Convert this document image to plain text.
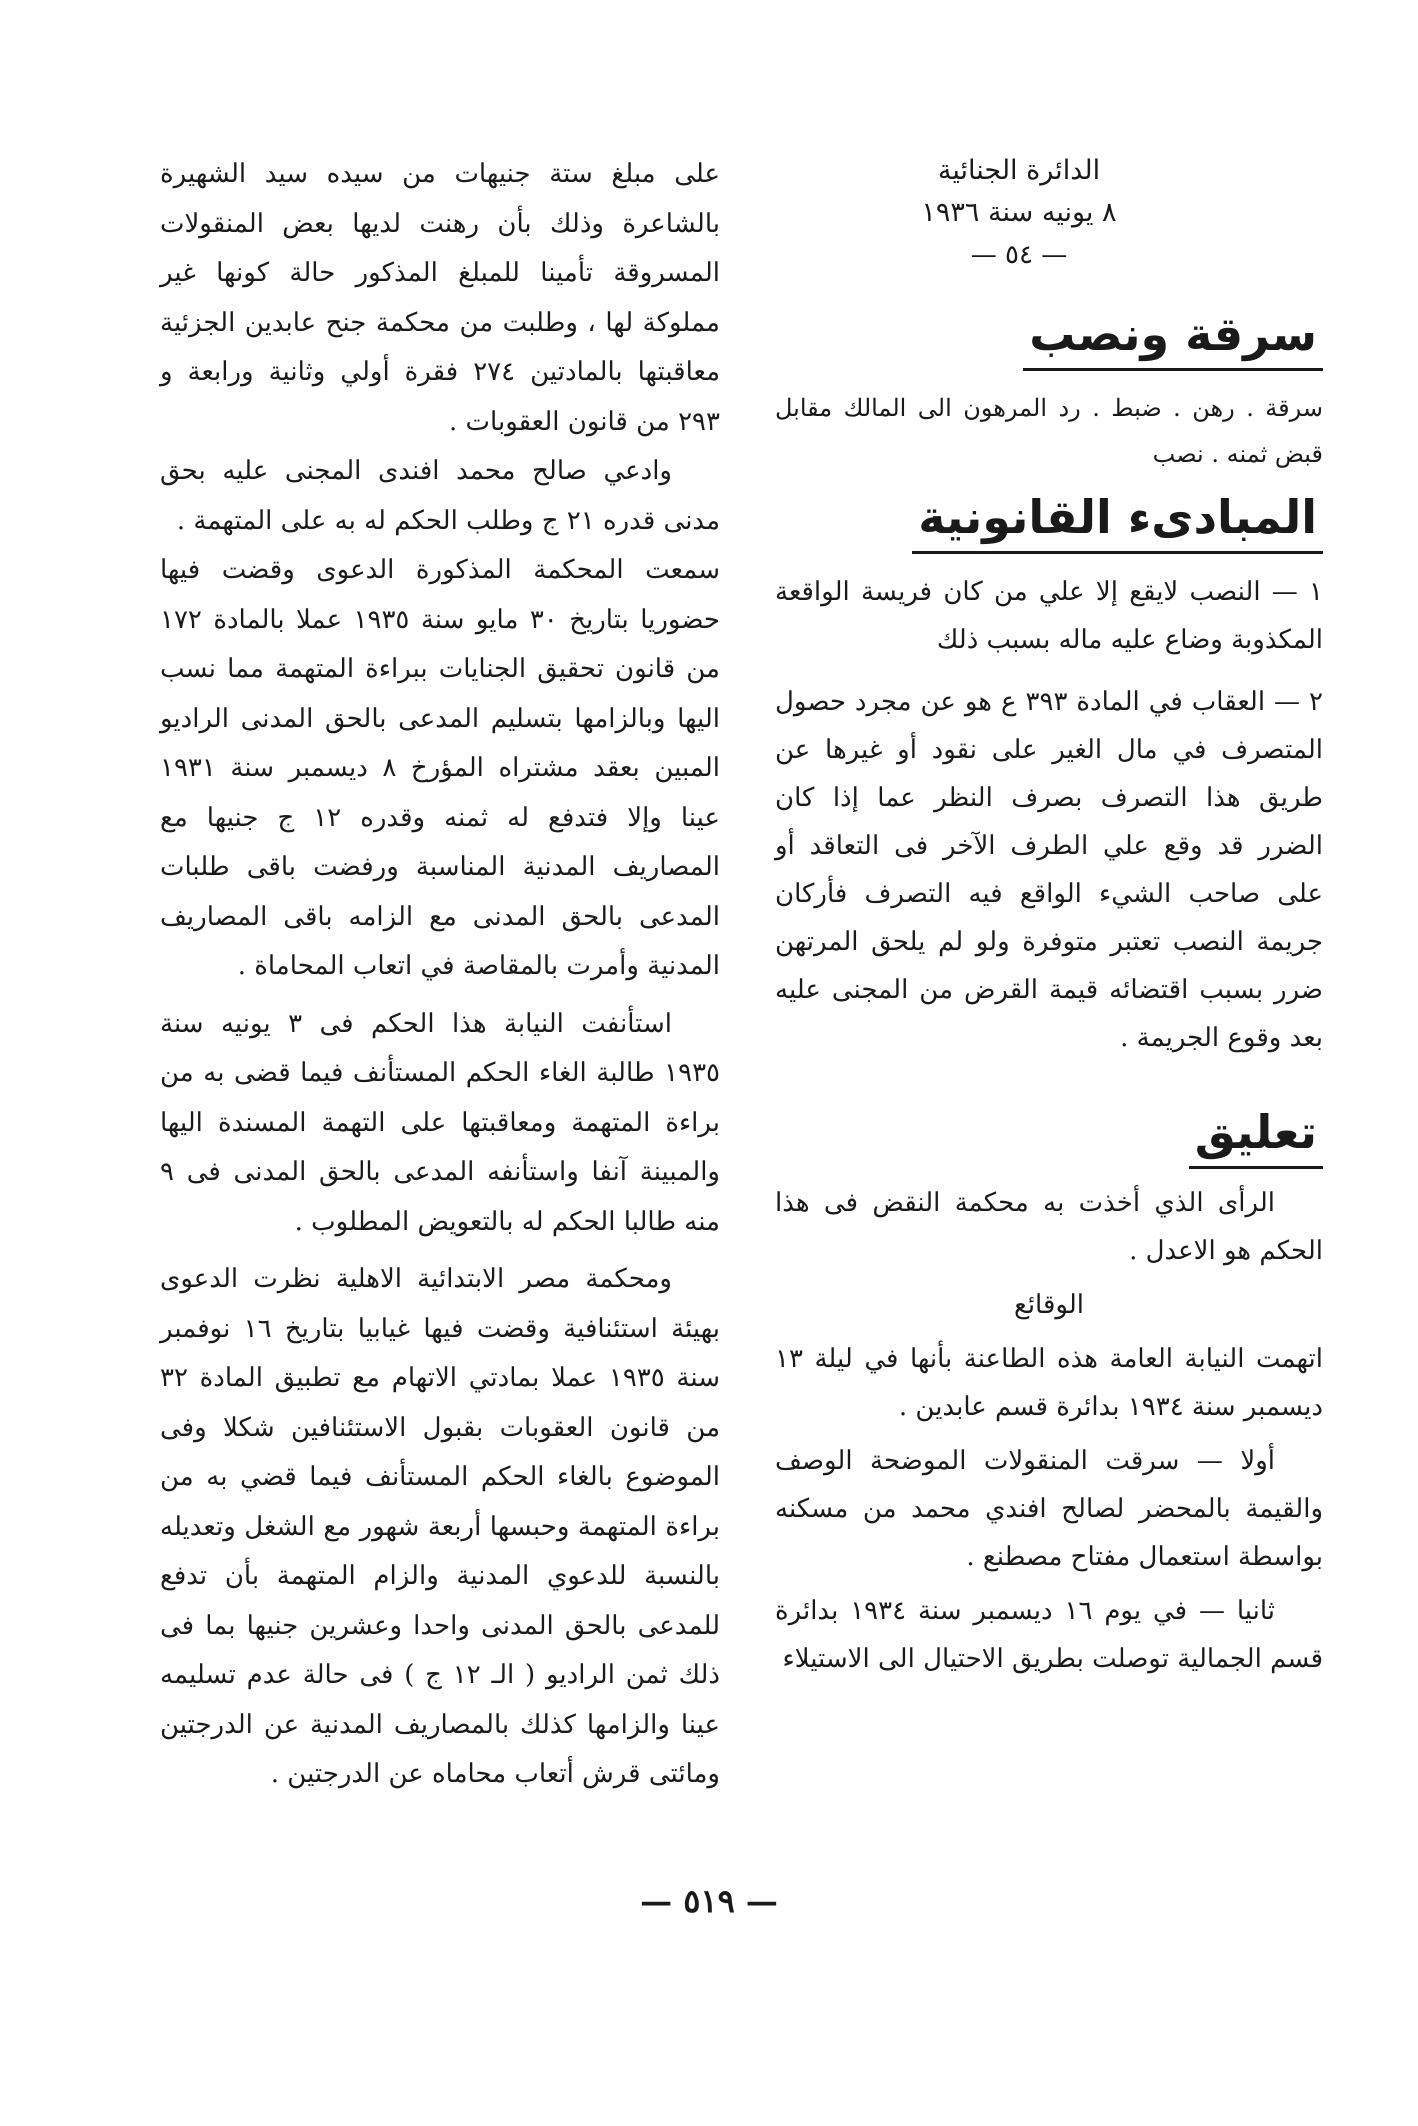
الدائرة الجنائية
٨ يونيه سنة ١٩٣٦
— ٥٤ —
سرقة ونصب

سرقة . رهن . ضبط . رد المرهون الى المالك مقابل قبض ثمنه . نصب

المبادىء القانونية

١ — النصب لايقع إلا علي من كان فريسة الواقعة المكذوبة وضاع عليه ماله بسبب ذلك

٢ — العقاب في المادة ٣٩٣ ع هو عن مجرد حصول المتصرف في مال الغير على نقود أو غيرها عن طريق هذا التصرف بصرف النظر عما إذا كان الضرر قد وقع علي الطرف الآخر فى التعاقد أو على صاحب الشيء الواقع فيه التصرف فأركان جريمة النصب تعتبر متوفرة ولو لم يلحق المرتهن ضرر بسبب اقتضائه قيمة القرض من المجنى عليه بعد وقوع الجريمة .

تعليق

الرأى الذي أخذت به محكمة النقض فى هذا الحكم هو الاعدل .

الوقائع

اتهمت النيابة العامة هذه الطاعنة بأنها في ليلة ١٣ ديسمبر سنة ١٩٣٤ بدائرة قسم عابدين .

أولا — سرقت المنقولات الموضحة الوصف والقيمة بالمحضر لصالح افندي محمد من مسكنه بواسطة استعمال مفتاح مصطنع .

ثانيا — في يوم ١٦ ديسمبر سنة ١٩٣٤ بدائرة قسم الجمالية توصلت بطريق الاحتيال الى الاستيلاء

على مبلغ ستة جنيهات من سيده سيد الشهيرة بالشاعرة وذلك بأن رهنت لديها بعض المنقولات المسروقة تأمينا للمبلغ المذكور حالة كونها غير مملوكة لها ، وطلبت من محكمة جنح عابدين الجزئية معاقبتها بالمادتين ٢٧٤ فقرة أولي وثانية ورابعة و ٢٩٣ من قانون العقوبات .

وادعي صالح محمد افندى المجنى عليه بحق مدنى قدره ٢١ ج وطلب الحكم له به على المتهمة .

سمعت المحكمة المذكورة الدعوى وقضت فيها حضوريا بتاريخ ٣٠ مايو سنة ١٩٣٥ عملا بالمادة ١٧٢ من قانون تحقيق الجنايات ببراءة المتهمة مما نسب اليها وبالزامها بتسليم المدعى بالحق المدنى الراديو المبين بعقد مشتراه المؤرخ ٨ ديسمبر سنة ١٩٣١ عينا وإلا فتدفع له ثمنه وقدره ١٢ ج جنيها مع المصاريف المدنية المناسبة ورفضت باقى طلبات المدعى بالحق المدنى مع الزامه باقى المصاريف المدنية وأمرت بالمقاصة في اتعاب المحاماة .

استأنفت النيابة هذا الحكم فى ٣ يونيه سنة ١٩٣٥ طالبة الغاء الحكم المستأنف فيما قضى به من براءة المتهمة ومعاقبتها على التهمة المسندة اليها والمبينة آنفا واستأنفه المدعى بالحق المدنى فى ٩ منه طالبا الحكم له بالتعويض المطلوب .

ومحكمة مصر الابتدائية الاهلية نظرت الدعوى بهيئة استئنافية وقضت فيها غيابيا بتاريخ ١٦ نوفمبر سنة ١٩٣٥ عملا بمادتي الاتهام مع تطبيق المادة ٣٢ من قانون العقوبات بقبول الاستئنافين شكلا وفى الموضوع بالغاء الحكم المستأنف فيما قضي به من براءة المتهمة وحبسها أربعة شهور مع الشغل وتعديله بالنسبة للدعوي المدنية والزام المتهمة بأن تدفع للمدعى بالحق المدنى واحدا وعشرين جنيها بما فى ذلك ثمن الراديو ( الـ ١٢ ج ) فى حالة عدم تسليمه عينا والزامها كذلك بالمصاريف المدنية عن الدرجتين ومائتى قرش أتعاب محاماه عن الدرجتين .

— ٥١٩ —
